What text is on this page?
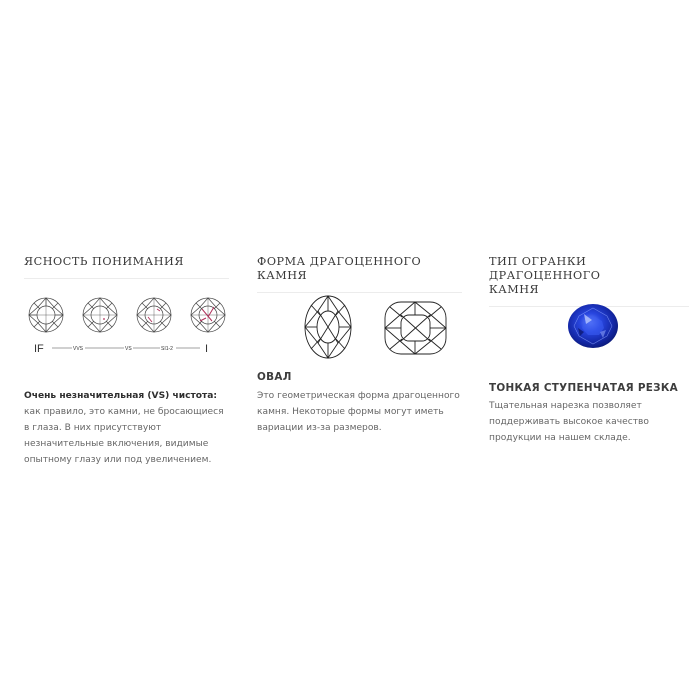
ЯСНОСТЬ ПОНИМАНИЯ
IF	VVS	VS	SI1-2	I

Очень незначительная (VS) чистота: как правило, это камни, не бросающиеся в глаза. В них присутствуют незначительные включения, видимые опытному глазу или под увеличением.

ФОРМА ДРАГОЦЕННОГО КАМНЯ
ОВАЛ

Это геометрическая форма драгоценного камня. Некоторые формы могут иметь вариации из-за размеров.

ТИП ОГРАНКИ ДРАГОЦЕННОГО
КАМНЯ
ТОНКАЯ СТУПЕНЧАТАЯ РЕЗКА

Тщательная нарезка позволяет поддерживать высокое качество продукции на нашем складе.
